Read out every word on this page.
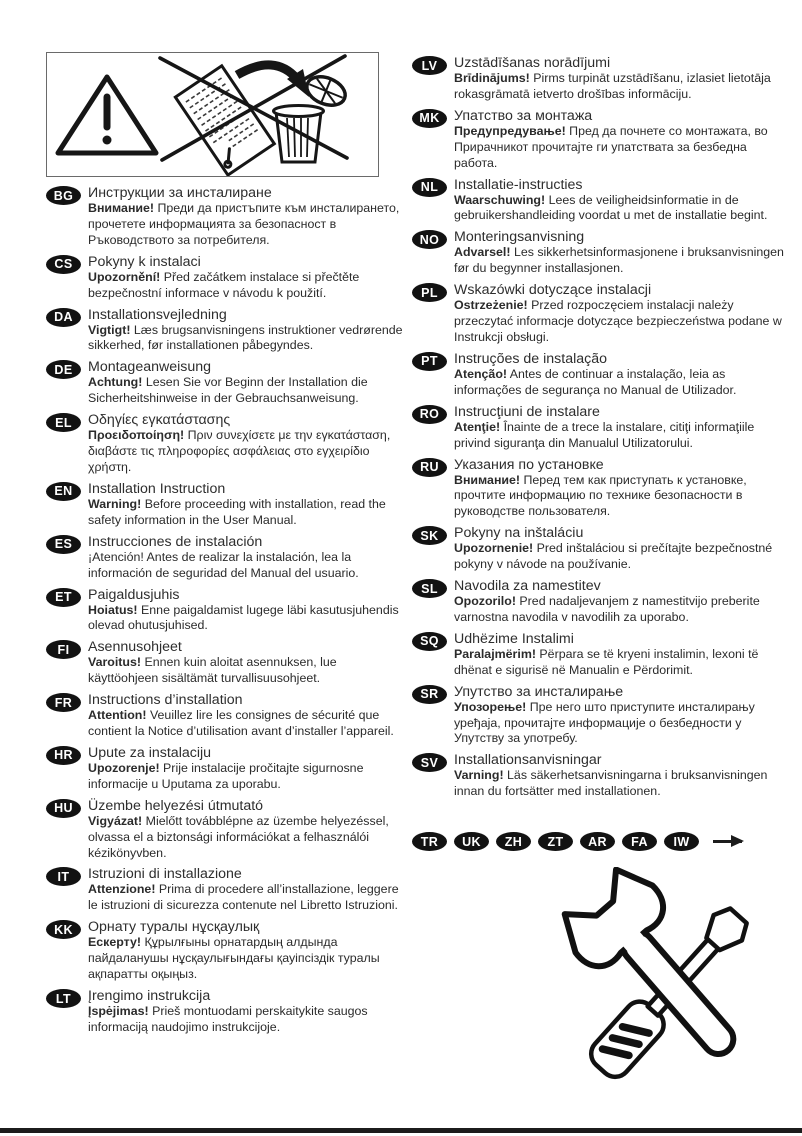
BG	Инструкции за инсталиране
Внимание! Преди да пристъпите към инсталирането, прочетете информацията за безопасност в Ръководството за потребителя.
CS	Pokyny k instalaci
Upozornění! Před začátkem instalace si přečtěte bezpečnostní informace v návodu k použití.
DA	Installationsvejledning
Vigtigt! Læs brugsanvisningens instruktioner vedrørende sikkerhed, før installationen påbegyndes.
DE	Montageanweisung
Achtung! Lesen Sie vor Beginn der Installation die Sicherheitshinweise in der Gebrauchsanweisung.
EL	Οδηγίες εγκατάστασης
Προειδοποίηση! Πριν συνεχίσετε με την εγκατάσταση, διαβάστε τις πληροφορίες ασφάλειας στο εγχειρίδιο χρήστη.
EN	Installation Instruction
Warning! Before proceeding with installation, read the safety information in the User Manual.
ES	Instrucciones de instalación
¡Atención! Antes de realizar la instalación, lea la información de seguridad del Manual del usuario.
ET	Paigaldusjuhis
Hoiatus! Enne paigaldamist lugege läbi kasutusjuhendis olevad ohutusjuhised.
FI	Asennusohjeet
Varoitus! Ennen kuin aloitat asennuksen, lue käyttöohjeen sisältämät turvallisuusohjeet.
FR	Instructions d’installation
Attention! Veuillez lire les consignes de sécurité que contient la Notice d’utilisation avant d’installer l’appareil.
HR	Upute za instalaciju
Upozorenje! Prije instalacije pročitajte sigurnosne informacije u Uputama za uporabu.
HU	Üzembe helyezési útmutató
Vigyázat! Mielőtt továbblépne az üzembe helyezéssel, olvassa el a biztonsági információkat a felhasználói kézikönyvben.
IT	Istruzioni di installazione
Attenzione! Prima di procedere all’installazione, leggere le istruzioni di sicurezza contenute nel Libretto Istruzioni.
KK	Орнату туралы нұсқаулық
Ескерту! Құрылғыны орнатардың алдында пайдаланушы нұсқаулығындағы қауіпсіздік туралы ақпаратты оқыңыз.
LT	Įrengimo instrukcija
Įspėjimas! Prieš montuodami perskaitykite saugos informaciją naudojimo instrukcijoje.
LV	Uzstādīšanas norādījumi
Brīdinājums! Pirms turpināt uzstādīšanu, izlasiet lietotāja rokasgrāmatā ietverto drošības informāciju.
MK	Упатство за монтажа
Предупредување! Пред да почнете со монтажата, во Прирачникот прочитајте ги упатствата за безбедна работа.
NL	Installatie-instructies
Waarschuwing! Lees de veiligheidsinformatie in de gebruikershandleiding voordat u met de installatie begint.
NO	Monteringsanvisning
Advarsel! Les sikkerhetsinformasjonene i bruksanvisningen før du begynner installasjonen.
PL	Wskazówki dotyczące instalacji
Ostrzeżenie! Przed rozpoczęciem instalacji należy przeczytać informacje dotyczące bezpieczeństwa podane w Instrukcji obsługi.
PT	Instruções de instalação
Atenção! Antes de continuar a instalação, leia as informações de segurança no Manual de Utilizador.
RO	Instrucţiuni de instalare
Atenţie! Înainte de a trece la instalare, citiţi informaţiile privind siguranţa din Manualul Utilizatorului.
RU	Указания по установке
Внимание! Перед тем как приступать к установке, прочтите информацию по технике безопасности в руководстве пользователя.
SK	Pokyny na inštaláciu
Upozornenie! Pred inštaláciou si prečítajte bezpečnostné pokyny v návode na používanie.
SL	Navodila za namestitev
Opozorilo! Pred nadaljevanjem z namestitvijo preberite varnostna navodila v navodilih za uporabo.
SQ	Udhëzime Instalimi
Paralajmërim! Përpara se të kryeni instalimin, lexoni të dhënat e sigurisë në Manualin e Përdorimit.
SR	Упутство за инсталирање
Упозорење! Пре него што приступите инсталирању уређаја, прочитајте информације о безбедности у Упутству за употребу.
SV	Installationsanvisningar
Varning! Läs säkerhetsanvisningarna i bruksanvisningen innan du fortsätter med installationen.
TR	UK	ZH	ZT	AR	FA	IW
